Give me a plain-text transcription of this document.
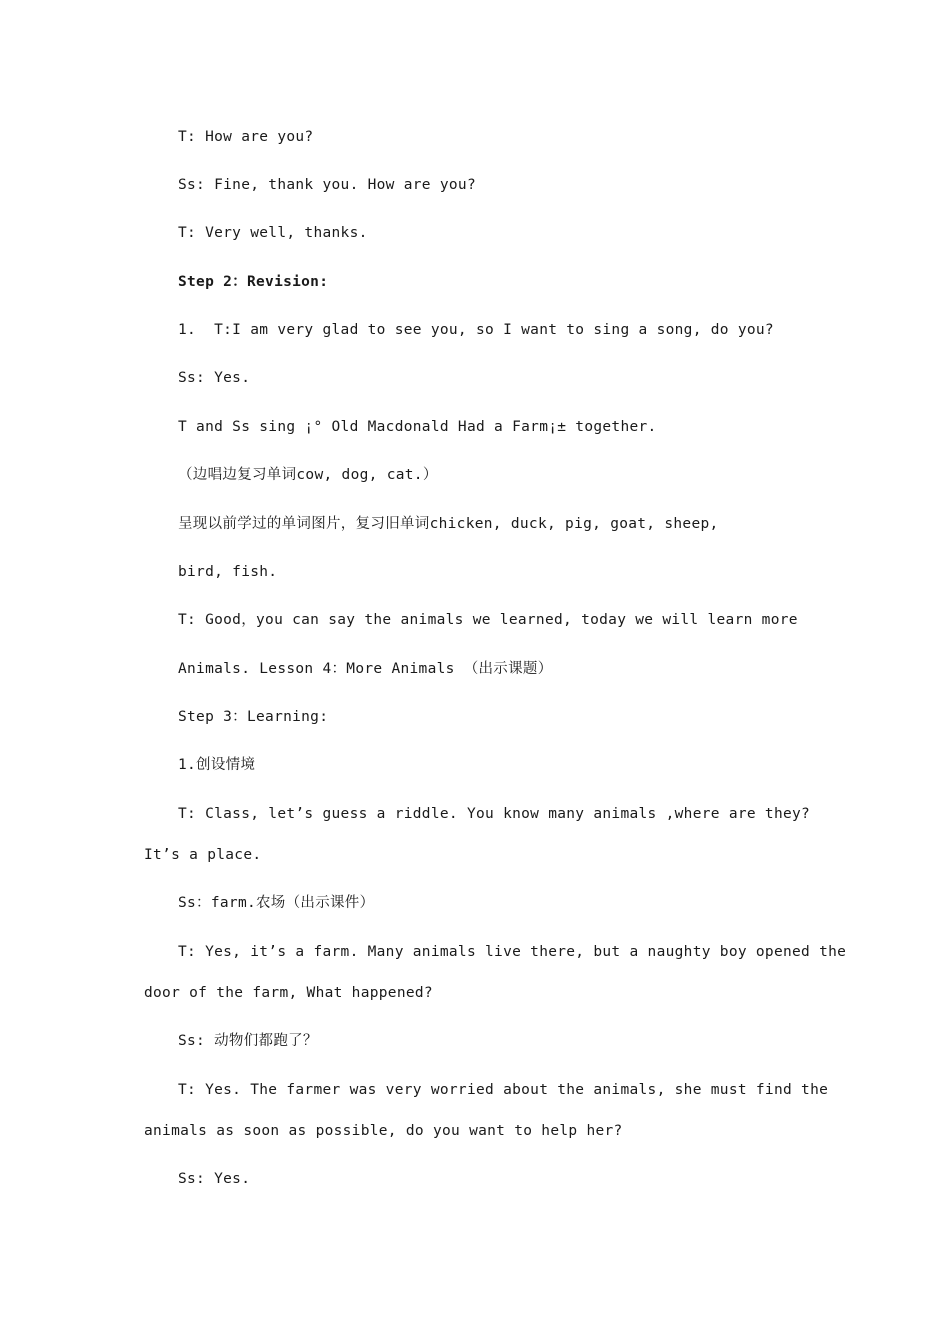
T: How are you?
Ss: Fine, thank you. How are you?
T: Very well, thanks.
Step 2：Revision:
1.  T:I am very glad to see you, so I want to sing a song, do you?
Ss: Yes.
T and Ss sing ¡° Old Macdonald Had a Farm¡± together.
（边唱边复习单词cow, dog, cat.）
呈现以前学过的单词图片，复习旧单词chicken, duck, pig, goat, sheep,
bird, fish.
T: Good，you can say the animals we learned, today we will learn more
Animals. Lesson 4：More Animals （出示课题）
Step 3：Learning:
1.创设情境
T: Class, let’s guess a riddle. You know many animals ,where are they?
It’s a place.
Ss：farm.农场（出示课件）
T: Yes, it’s a farm. Many animals live there, but a naughty boy opened the
door of the farm, What happened?
Ss: 动物们都跑了？
T: Yes. The farmer was very worried about the animals, she must find the
animals as soon as possible, do you want to help her?
Ss: Yes.
